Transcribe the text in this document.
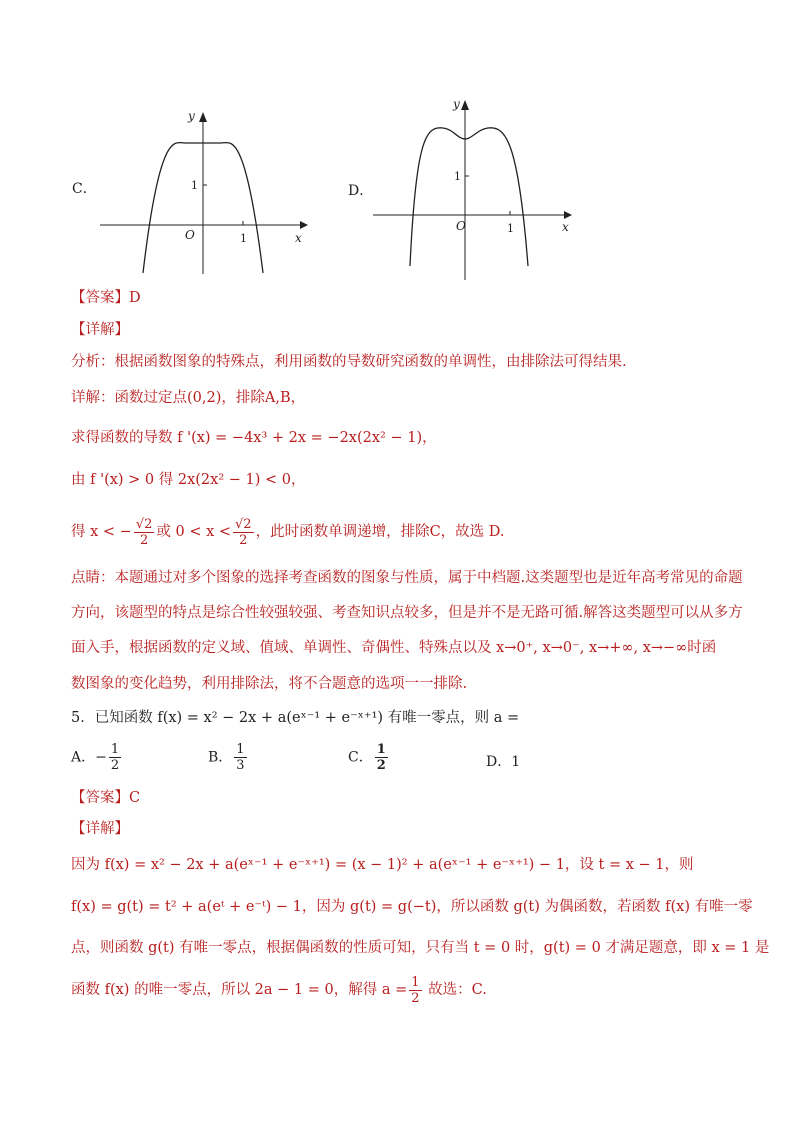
C．
y
x
O	1
1	D．
y
x
O	1
1
【答案】D
【详解】
分析：根据函数图象的特殊点，利用函数的导数研究函数的单调性，由排除法可得结果.
详解：函数过定点(0,2)，排除A,B，
求得函数的导数 f '(x) = −4x³ + 2x = −2x(2x² − 1)，
由 f '(x) > 0 得 2x(2x² − 1) < 0，
得 x < − $\frac{√2}{2}$ 或 $0 < x < \frac{√2}{2}$ ，此时函数单调递增，排除C，故选 D.
点睛：本题通过对多个图象的选择考查函数的图象与性质，属于中档题.这类题型也是近年高考常见的命题
方向，该题型的特点是综合性较强较强、考查知识点较多，但是并不是无路可循.解答这类题型可以从多方
面入手，根据函数的定义域、值域、单调性、奇偶性、特殊点以及 x→0⁺, x→0⁻, x→+∞, x→−∞时函
数图象的变化趋势，利用排除法，将不合题意的选项一一排除.
5．已知函数 f(x) = x² − 2x + a(eˣ⁻¹ + e⁻ˣ⁺¹) 有唯一零点，则 a =
A．− $\frac{1}{2}$	B． $\frac{1}{3}$	C． $\frac{1}{2}$	D．1
【答案】C
【详解】
因为 f(x) = x² − 2x + a(eˣ⁻¹ + e⁻ˣ⁺¹) = (x − 1)² + a(eˣ⁻¹ + e⁻ˣ⁺¹) − 1，设 t = x − 1，则
f(x) = g(t) = t² + a(eᵗ + e⁻ᵗ) − 1，因为 g(t) = g(−t)，所以函数 g(t) 为偶函数，若函数 f(x) 有唯一零
点，则函数 g(t) 有唯一零点，根据偶函数的性质可知，只有当 t = 0 时，g(t) = 0 才满足题意，即 x = 1 是
函数 f(x) 的唯一零点，所以 2a − 1 = 0，解得 $a = \frac{1}{2}$ 故选：C.
